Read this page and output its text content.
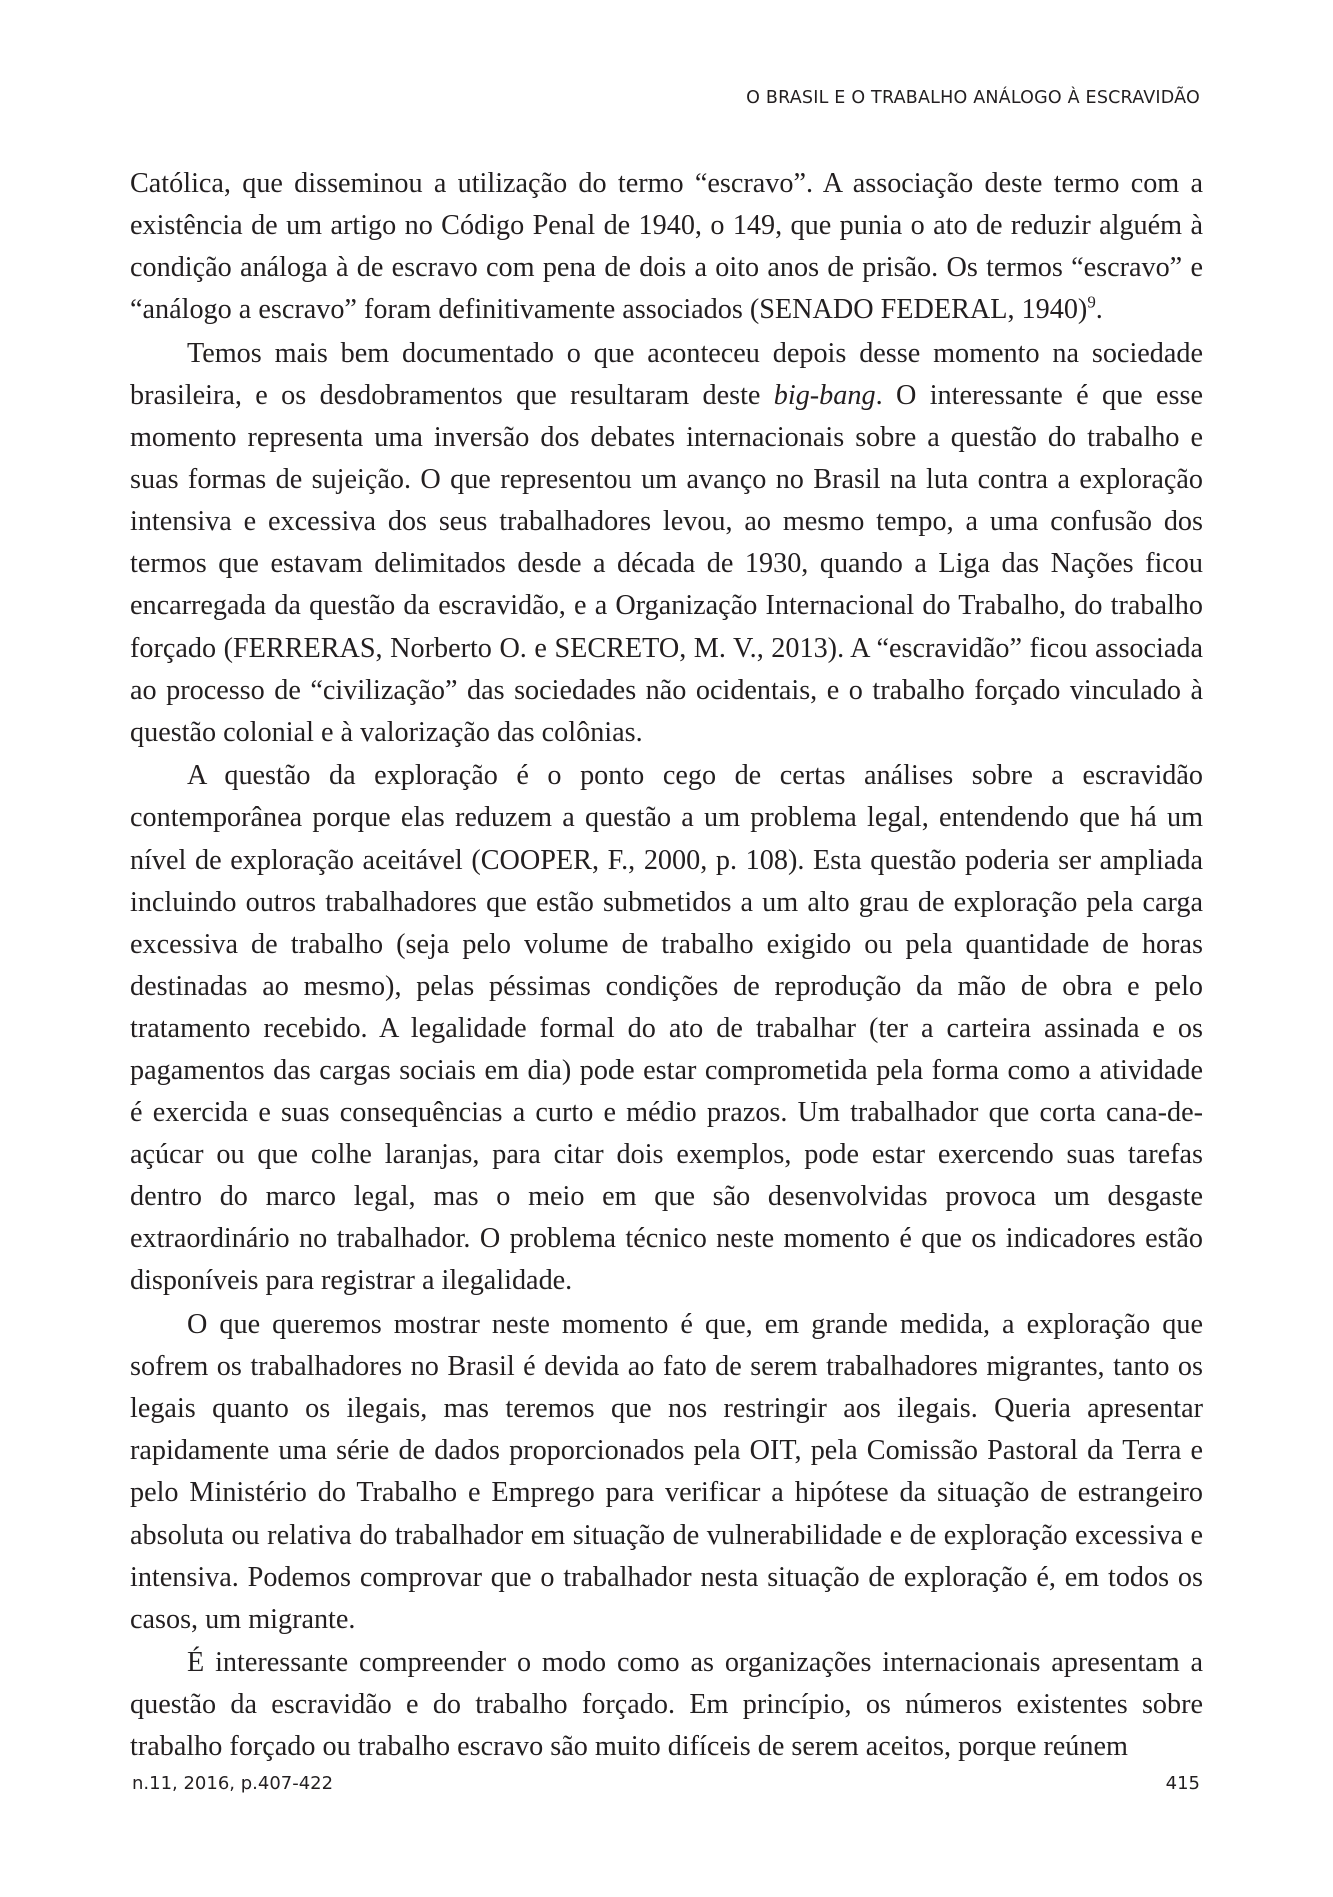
O BRASIL E O TRABALHO ANÁLOGO À ESCRAVIDÃO

Católica, que disseminou a utilização do termo “escravo”. A associação deste termo com a existência de um artigo no Código Penal de 1940, o 149, que punia o ato de reduzir alguém à condição análoga à de escravo com pena de dois a oito anos de prisão. Os termos “escravo” e “análogo a escravo” foram definitivamente associados (SENADO FEDERAL, 1940)$^9$.

Temos mais bem documentado o que aconteceu depois desse momento na sociedade brasileira, e os desdobramentos que resultaram deste big-bang. O interessante é que esse momento representa uma inversão dos debates internacionais sobre a questão do trabalho e suas formas de sujeição. O que representou um avanço no Brasil na luta contra a exploração intensiva e excessiva dos seus trabalhadores levou, ao mesmo tempo, a uma confusão dos termos que estavam delimitados desde a década de 1930, quando a Liga das Nações ficou encarregada da questão da escravidão, e a Organização Internacional do Trabalho, do trabalho forçado (FERRERAS, Norberto O. e SECRETO, M. V., 2013). A “escravidão” ficou associada ao processo de “civilização” das sociedades não ocidentais, e o trabalho forçado vinculado à questão colonial e à valorização das colônias.

A questão da exploração é o ponto cego de certas análises sobre a escravidão contemporânea porque elas reduzem a questão a um problema legal, entendendo que há um nível de exploração aceitável (COOPER, F., 2000, p. 108). Esta questão poderia ser ampliada incluindo outros trabalhadores que estão submetidos a um alto grau de exploração pela carga excessiva de trabalho (seja pelo volume de trabalho exigido ou pela quantidade de horas destinadas ao mesmo), pelas péssimas condições de reprodução da mão de obra e pelo tratamento recebido. A legalidade formal do ato de trabalhar (ter a carteira assinada e os pagamentos das cargas sociais em dia) pode estar comprometida pela forma como a atividade é exercida e suas consequências a curto e médio prazos. Um trabalhador que corta cana-de-açúcar ou que colhe laranjas, para citar dois exemplos, pode estar exercendo suas tarefas dentro do marco legal, mas o meio em que são desenvolvidas provoca um desgaste extraordinário no trabalhador. O problema técnico neste momento é que os indicadores estão disponíveis para registrar a ilegalidade.

O que queremos mostrar neste momento é que, em grande medida, a exploração que sofrem os trabalhadores no Brasil é devida ao fato de serem trabalhadores migrantes, tanto os legais quanto os ilegais, mas teremos que nos restringir aos ilegais. Queria apresentar rapidamente uma série de dados proporcionados pela OIT, pela Comissão Pastoral da Terra e pelo Ministério do Trabalho e Emprego para verificar a hipótese da situação de estrangeiro absoluta ou relativa do trabalhador em situação de vulnerabilidade e de exploração excessiva e intensiva. Podemos comprovar que o trabalhador nesta situação de exploração é, em todos os casos, um migrante.

É interessante compreender o modo como as organizações internacionais apresentam a questão da escravidão e do trabalho forçado. Em princípio, os números existentes sobre trabalho forçado ou trabalho escravo são muito difíceis de serem aceitos, porque reúnem

n.11, 2016, p.407-422	415
